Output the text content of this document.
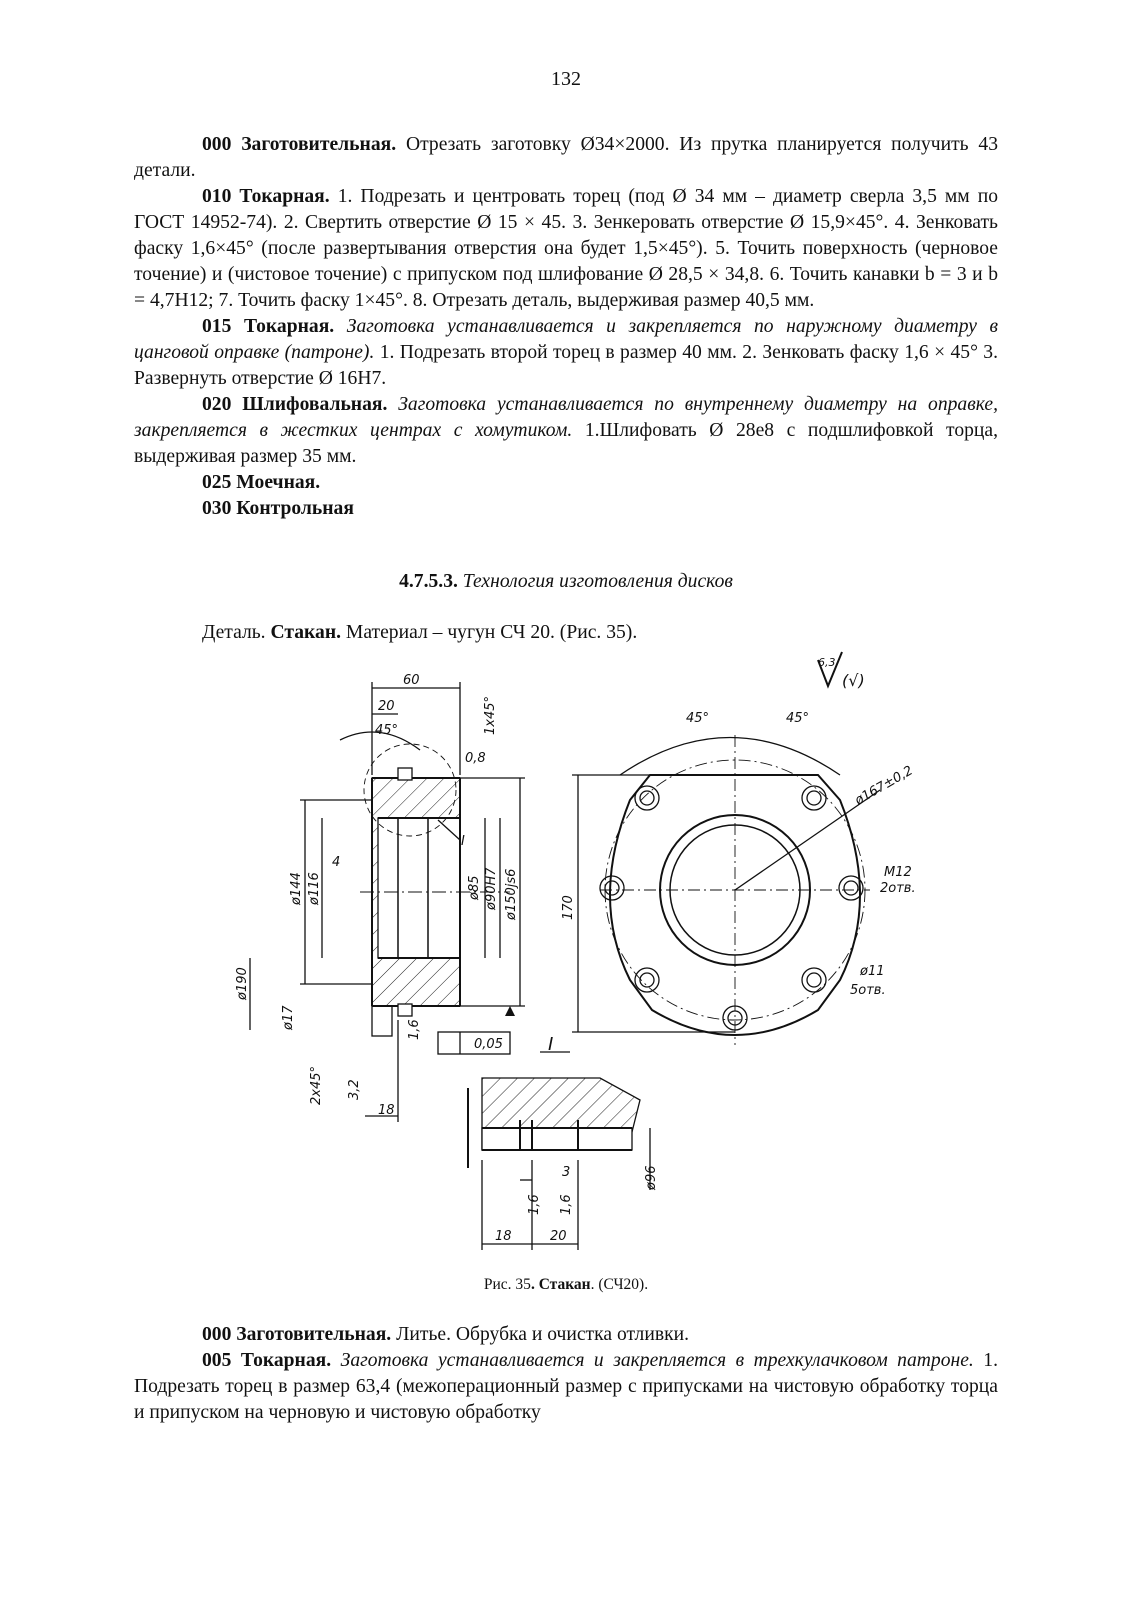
132

000 Заготовительная. Отрезать заготовку Ø34×2000. Из прутка планируется получить 43 детали.

010 Токарная. 1. Подрезать и центровать торец (под Ø 34 мм – диаметр сверла 3,5 мм по ГОСТ 14952-74). 2. Свертить отверстие Ø 15 × 45. 3. Зенкеровать отверстие Ø 15,9×45°. 4. Зенковать фаску 1,6×45° (после развертывания отверстия она будет 1,5×45°). 5. Точить поверхность (черновое точение) и (чистовое точение) с припуском под шлифование Ø 28,5 × 34,8. 6. Точить канавки b = 3 и b = 4,7H12; 7. Точить фаску 1×45°. 8. Отрезать деталь, выдерживая размер 40,5 мм.

015 Токарная. Заготовка устанавливается и закрепляется по наружному диаметру в цанговой оправке (патроне). 1. Подрезать второй торец в размер 40 мм. 2. Зенковать фаску 1,6 × 45° 3. Развернуть отверстие Ø 16H7.

020 Шлифовальная. Заготовка устанавливается по внутреннему диаметру на оправке, закрепляется в жестких центрах с хомутиком. 1.Шлифовать Ø 28e8 с подшлифовкой торца, выдерживая размер 35 мм.

025 Моечная.

030 Контрольная

4.7.5.3. Технология изготовления дисков
Деталь. Стакан. Материал – чугун СЧ 20. (Рис. 35).
60
20
45°	1x45°
0,8
ø144 ø116
4
ø85 ø90H7 ø150js6
ø190
ø17	1,6
0,05
2x45° 3,2
18
I
I
170
45°	45°
ø167±0,2
M12
2отв.
ø11
5отв.
6,3
(√)
3
1,6 1,6
ø96
18	20
Рис. 35. Стакан. (СЧ20).

000 Заготовительная. Литье. Обрубка и очистка отливки.

005 Токарная. Заготовка устанавливается и закрепляется в трехкулачковом патроне. 1. Подрезать торец в размер 63,4 (межоперационный размер с припусками на чистовую обработку торца и припуском на черновую и чистовую обработку
